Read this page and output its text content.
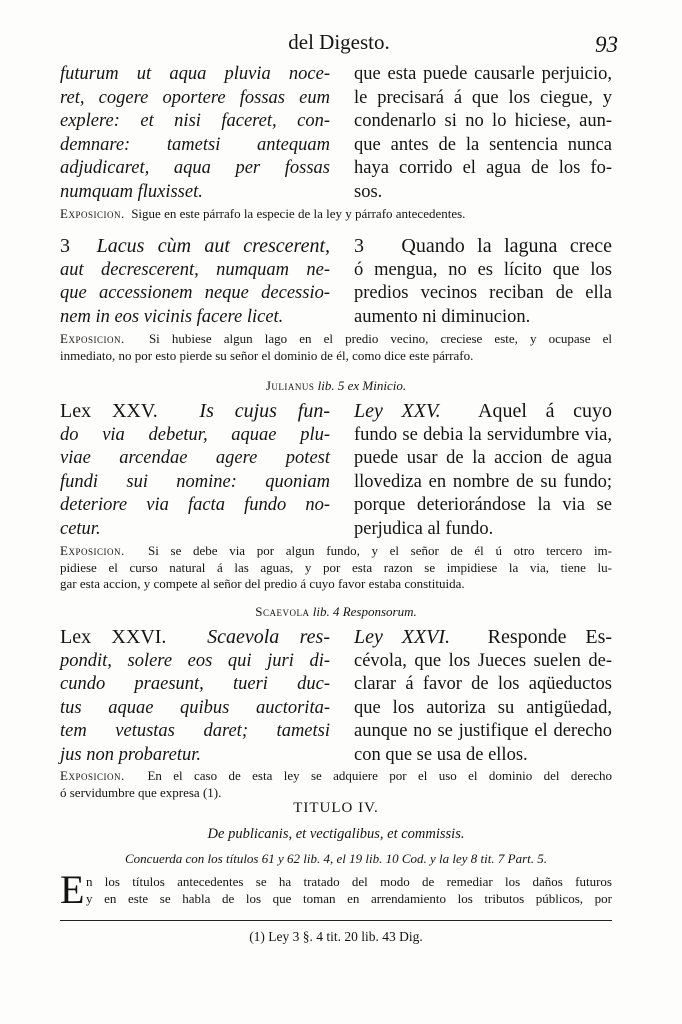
del Digesto.	93
futurum ut aqua pluvia noce-
ret, cogere oportere fossas eum
explere: et nisi faceret, con-
demnare: tametsi antequam
adjudicaret, aqua per fossas
numquam fluxisset.
que esta puede causarle perjuicio,
le precisará á que los ciegue, y
condenarlo si no lo hiciese, aun-
que antes de la sentencia nunca
haya corrido el agua de los fo-
sos.
Exposicion. Sigue en este párrafo la especie de la ley y párrafo antecedentes.
3 Lacus cùm aut crescerent,
aut decrescerent, numquam ne-
que accessionem neque decessio-
nem in eos vicinis facere licet.
3 Quando la laguna crece
ó mengua, no es lícito que los
predios vecinos reciban de ella
aumento ni diminucion.
Exposicion. Si hubiese algun lago en el predio vecino, creciese este, y ocupase el
inmediato, no por esto pierde su señor el dominio de él, como dice este párrafo.
Julianus lib. 5 ex Minicio.
Lex XXV. Is cujus fun-
do via debetur, aquae plu-
viae arcendae agere potest
fundi sui nomine: quoniam
deteriore via facta fundo no-
cetur.
Ley XXV. Aquel á cuyo
fundo se debia la servidumbre via,
puede usar de la accion de agua
llovediza en nombre de su fundo;
porque deteriorándose la via se
perjudica al fundo.
Exposicion. Si se debe via por algun fundo, y el señor de él ú otro tercero im-
pidiese el curso natural á las aguas, y por esta razon se impidiese la via, tiene lu-
gar esta accion, y compete al señor del predio á cuyo favor estaba constituida.
Scaevola lib. 4 Responsorum.
Lex XXVI. Scaevola res-
pondit, solere eos qui juri di-
cundo praesunt, tueri duc-
tus aquae quibus auctorita-
tem vetustas daret; tametsi
jus non probaretur.
Ley XXVI. Responde Es-
cévola, que los Jueces suelen de-
clarar á favor de los aqüeductos
que los autoriza su antigüedad,
aunque no se justifique el derecho
con que se usa de ellos.
Exposicion. En el caso de esta ley se adquiere por el uso el dominio del derecho
ó servidumbre que expresa (1).
TITULO IV.
De publicanis, et vectigalibus, et commissis.
Concuerda con los títulos 61 y 62 lib. 4, el 19 lib. 10 Cod. y la ley 8 tit. 7 Part. 5.
E n los títulos antecedentes se ha tratado del modo de remediar los daños futuros
y en este se habla de los que toman en arrendamiento los tributos públicos, por
(1) Ley 3 §. 4 tit. 20 lib. 43 Dig.
